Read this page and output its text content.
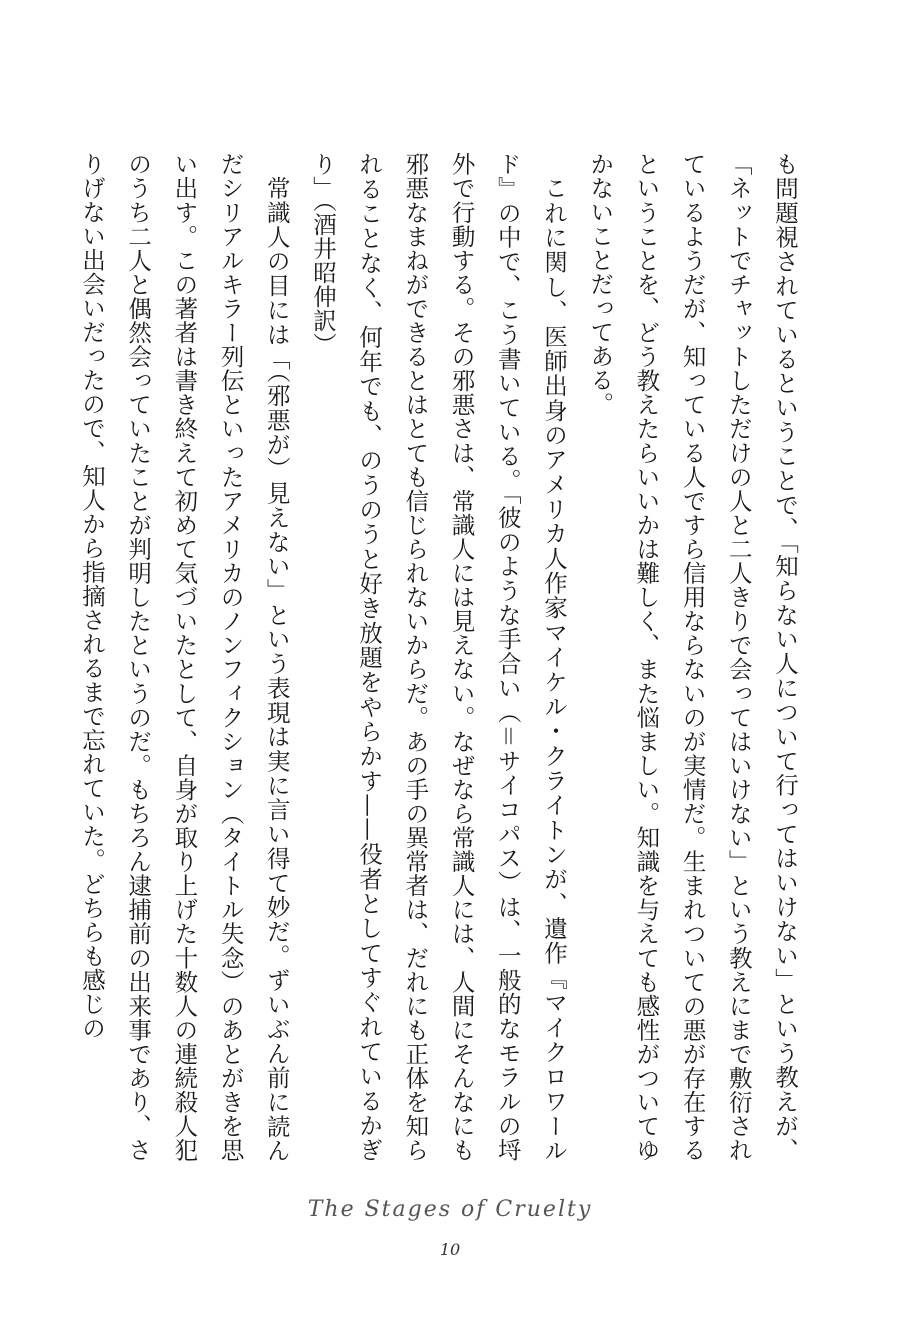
も問題視されているということで、「知らない人について行ってはいけない」という教えが、「ネットでチャットしただけの人と二人きりで会ってはいけない」という教えにまで敷衍されているようだが、知っている人ですら信用ならないのが実情だ。生まれついての悪が存在するということを、どう教えたらいいかは難しく、また悩ましい。知識を与えても感性がついてゆかないことだってある。

これに関し、医師出身のアメリカ人作家マイケル・クライトンが、遺作『マイクロワールド』の中で、こう書いている。「彼のような手合い（＝サイコパス）は、一般的なモラルの埒外で行動する。その邪悪さは、常識人には見えない。なぜなら常識人には、人間にそんなにも邪悪なまねができるとはとても信じられないからだ。あの手の異常者は、だれにも正体を知られることなく、何年でも、のうのうと好き放題をやらかす——役者としてすぐれているかぎり」（酒井昭伸訳）

常識人の目には「（邪悪が）見えない」という表現は実に言い得て妙だ。ずいぶん前に読んだシリアルキラー列伝といったアメリカのノンフィクション（タイトル失念）のあとがきを思い出す。この著者は書き終えて初めて気づいたとして、自身が取り上げた十数人の連続殺人犯のうち二人と偶然会っていたことが判明したというのだ。もちろん逮捕前の出来事であり、さりげない出会いだったので、知人から指摘されるまで忘れていた。どちらも感じの

The Stages of Cruelty
10
